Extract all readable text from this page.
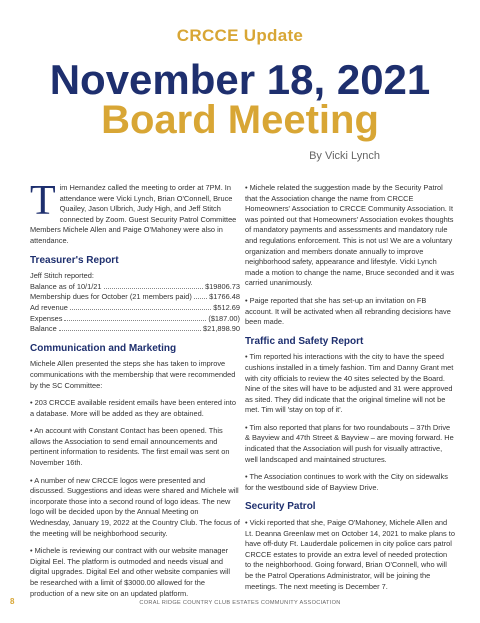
CRCCE Update
November 18, 2021
Board Meeting
By Vicki Lynch

Tim Hernandez called the meeting to order at 7PM. In attendance were Vicki Lynch, Brian O'Connell, Bruce Quailey, Jason Ulbrich, Judy High, and Jeff Stitch connected by Zoom. Guest Security Patrol Committee Members Michele Allen and Paige O'Mahoney were also in attendance.

Treasurer's Report
Jeff Stitch reported:
Balance as of 10/1/21	$19806.73
Membership dues for October (21 members paid) $1766.48
Ad revenue	$512.69
Expenses	($187.00)
Balance	$21,898.90
Communication and Marketing

Michele Allen presented the steps she has taken to improve communications with the membership that were recommended by the SC Committee:

• 203 CRCCE available resident emails have been entered into a database. More will be added as they are obtained.

• An account with Constant Contact has been opened. This allows the Association to send email announcements and pertinent information to residents. The first email was sent on November 16th.

• A number of new CRCCE logos were presented and discussed. Suggestions and ideas were shared and Michele will incorporate those into a second round of logo ideas. The new logo will be decided upon by the Annual Meeting on Wednesday, January 19, 2022 at the Country Club. The focus of the meeting will be neighborhood security.

• Michele is reviewing our contract with our website manager Digital Eel. The platform is outmoded and needs visual and digital upgrades. Digital Eel and other website companies will be researched with a limit of $3000.00 allowed for the production of a new site on an updated platform.

• Michele related the suggestion made by the Security Patrol that the Association change the name from CRCCE Homeowners' Association to CRCCE Community Association. It was pointed out that Homeowners' Association evokes thoughts of mandatory payments and assessments and mandatory rule and regulations enforcement. This is not us! We are a voluntary organization and members donate annually to improve neighborhood safety, appearance and lifestyle. Vicki Lynch made a motion to change the name, Bruce seconded and it was carried unanimously.

• Paige reported that she has set-up an invitation on FB account. It will be activated when all rebranding decisions have been made.

Traffic and Safety Report

• Tim reported his interactions with the city to have the speed cushions installed in a timely fashion. Tim and Danny Grant met with city officials to review the 40 sites selected by the Board. Nine of the sites will have to be adjusted and 31 were approved as sited. They did indicate that the original timeline will not be met. Tim will 'stay on top of it'.

• Tim also reported that plans for two roundabouts – 37th Drive & Bayview and 47th Street & Bayview – are moving forward. He indicated that the Association will push for visually attractive, well landscaped and maintained structures.

• The Association continues to work with the City on sidewalks for the westbound side of Bayview Drive.

Security Patrol

• Vicki reported that she, Paige O'Mahoney, Michele Allen and Lt. Deanna Greenlaw met on October 14, 2021 to make plans to have off-duty Ft. Lauderdale policemen in city police cars patrol CRCCE estates to provide an extra level of needed protection to the neighborhood. Going forward, Brian O'Connell, who will be the Patrol Operations Administrator, will be joining the meetings. The next meeting is December 7.

8	CORAL RIDGE COUNTRY CLUB ESTATES COMMUNITY ASSOCIATION
